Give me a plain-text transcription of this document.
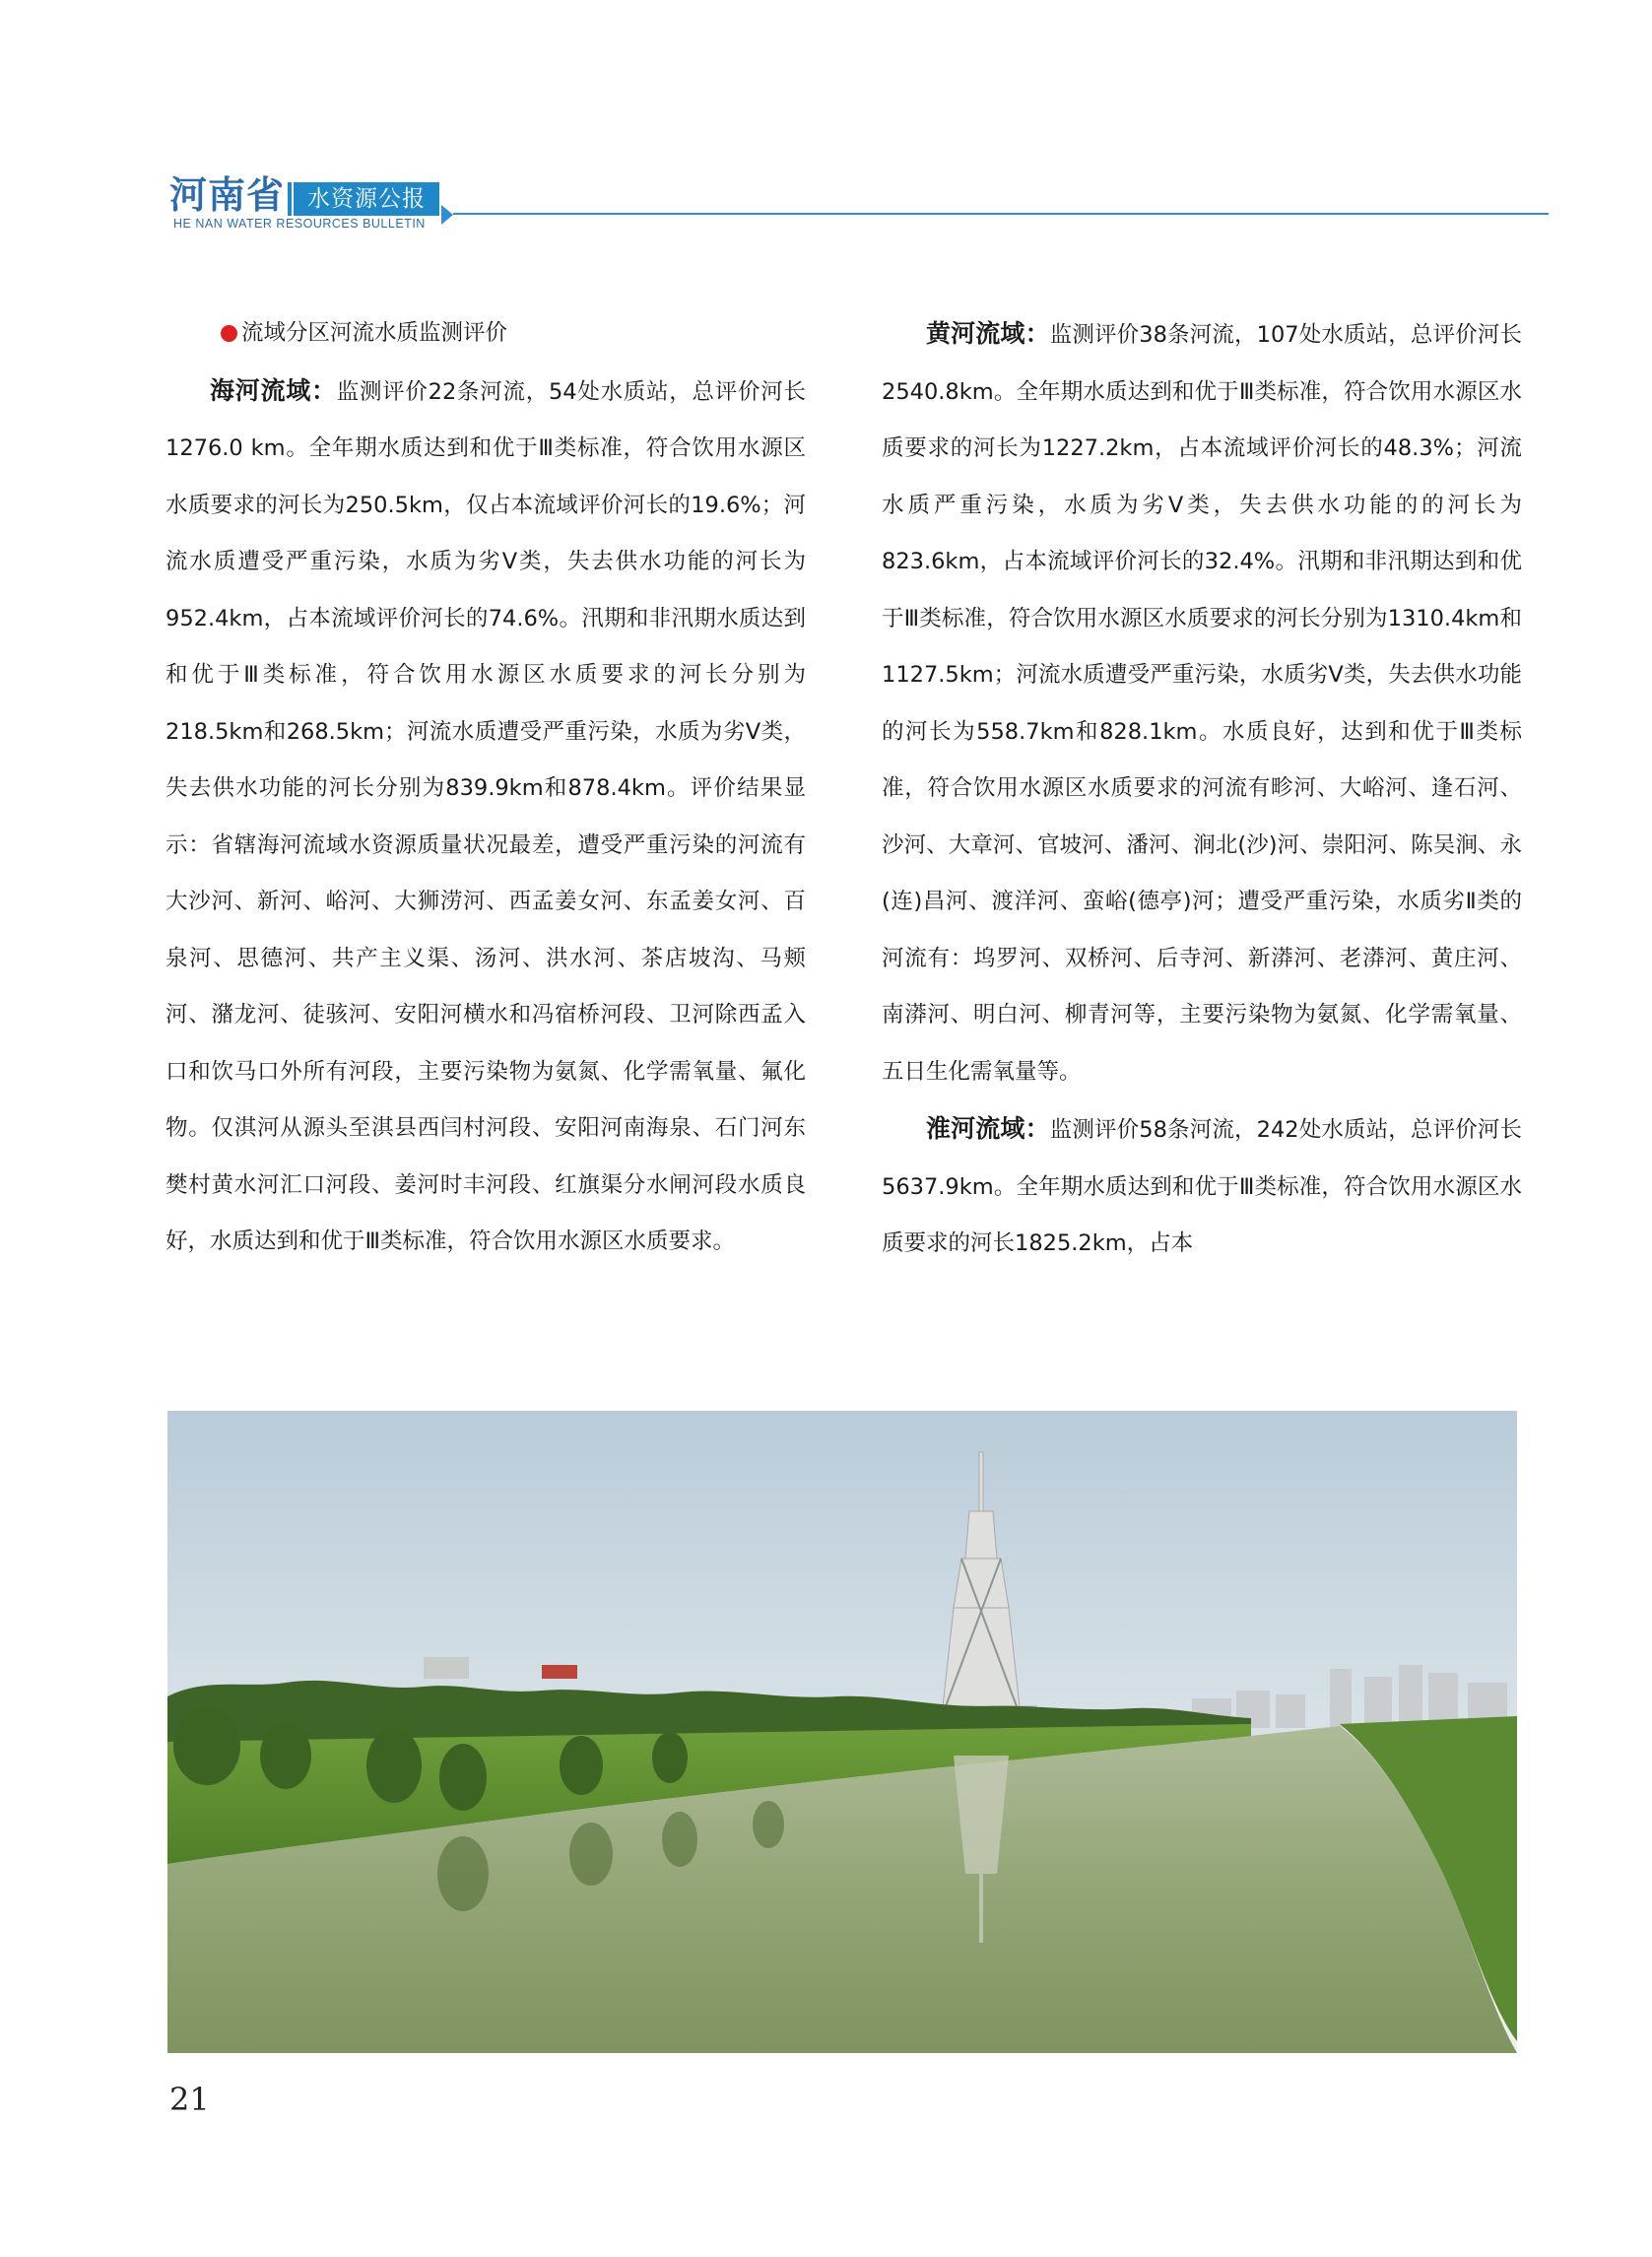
河南省 水资源公报
HE NAN WATER RESOURCES BULLETIN
流域分区河流水质监测评价

海河流域：监测评价22条河流，54处水质站，总评价河长1276.0 km。全年期水质达到和优于Ⅲ类标准，符合饮用水源区水质要求的河长为250.5km，仅占本流域评价河长的19.6%；河流水质遭受严重污染，水质为劣Ⅴ类，失去供水功能的河长为952.4km，占本流域评价河长的74.6%。汛期和非汛期水质达到和优于Ⅲ类标准，符合饮用水源区水质要求的河长分别为218.5km和268.5km；河流水质遭受严重污染，水质为劣Ⅴ类，失去供水功能的河长分别为839.9km和878.4km。评价结果显示：省辖海河流域水资源质量状况最差，遭受严重污染的河流有大沙河、新河、峪河、大狮涝河、西孟姜女河、东孟姜女河、百泉河、思德河、共产主义渠、汤河、洪水河、茶店坡沟、马颊河、潴龙河、徒骇河、安阳河横水和冯宿桥河段、卫河除西孟入口和饮马口外所有河段，主要污染物为氨氮、化学需氧量、氟化物。仅淇河从源头至淇县西闫村河段、安阳河南海泉、石门河东樊村黄水河汇口河段、姜河时丰河段、红旗渠分水闸河段水质良好，水质达到和优于Ⅲ类标准，符合饮用水源区水质要求。

黄河流域：监测评价38条河流，107处水质站，总评价河长2540.8km。全年期水质达到和优于Ⅲ类标准，符合饮用水源区水质要求的河长为1227.2km，占本流域评价河长的48.3%；河流水质严重污染，水质为劣Ⅴ类，失去供水功能的的河长为823.6km，占本流域评价河长的32.4%。汛期和非汛期达到和优于Ⅲ类标准，符合饮用水源区水质要求的河长分别为1310.4km和1127.5km；河流水质遭受严重污染，水质劣Ⅴ类，失去供水功能的河长为558.7km和828.1km。水质良好，达到和优于Ⅲ类标准，符合饮用水源区水质要求的河流有畛河、大峪河、逢石河、沙河、大章河、官坡河、潘河、涧北(沙)河、崇阳河、陈吴涧、永(连)昌河、渡洋河、蛮峪(德亭)河；遭受严重污染，水质劣Ⅱ类的河流有：坞罗河、双桥河、后寺河、新漭河、老漭河、黄庄河、南漭河、明白河、柳青河等，主要污染物为氨氮、化学需氧量、五日生化需氧量等。

淮河流域：监测评价58条河流，242处水质站，总评价河长5637.9km。全年期水质达到和优于Ⅲ类标准，符合饮用水源区水质要求的河长1825.2km，占本

21
